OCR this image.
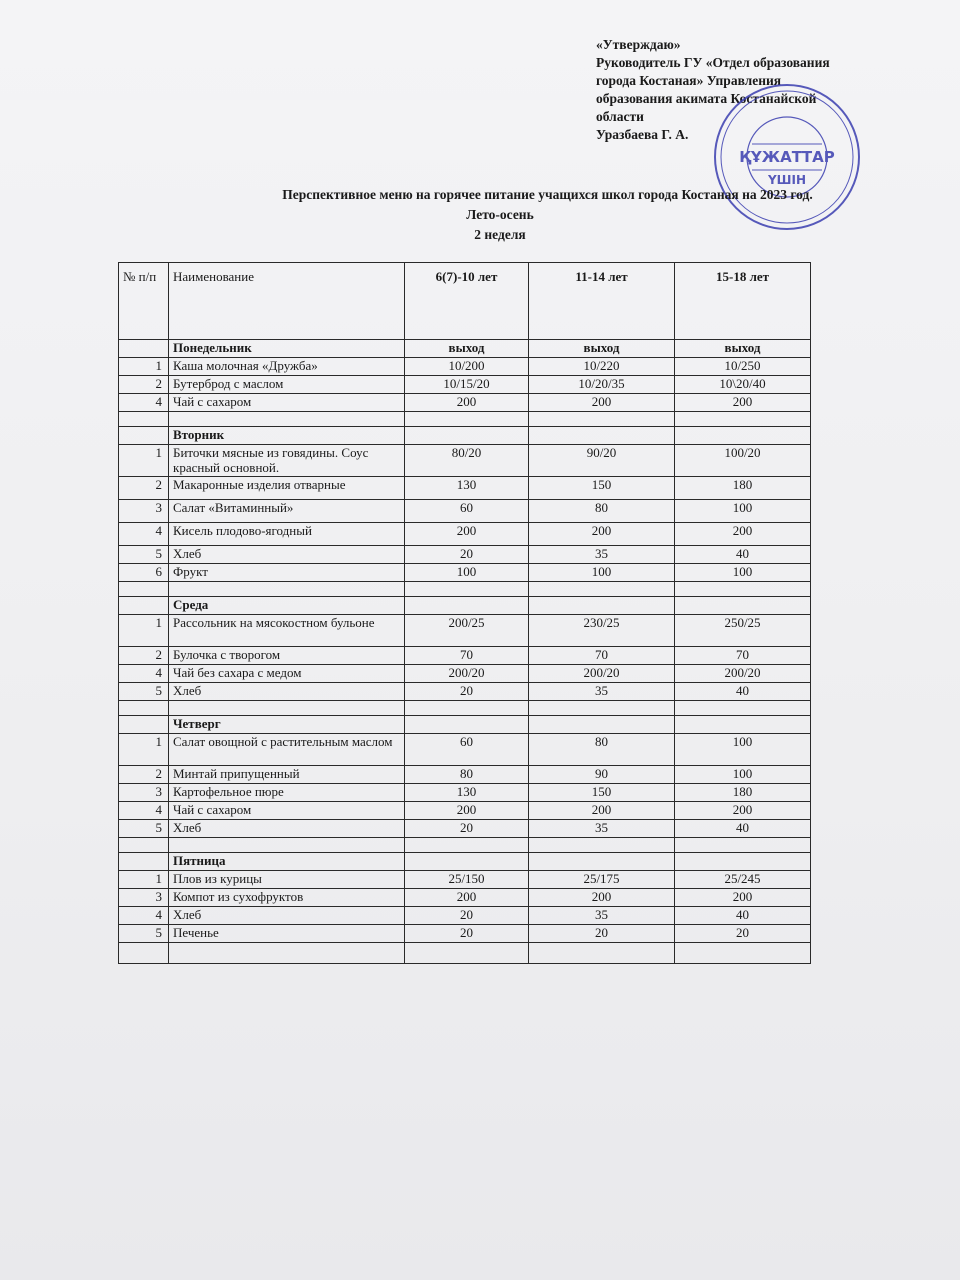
«Утверждаю»
Руководитель ГУ «Отдел образования
города Костаная» Управления
образования акимата Костанайской
области
Уразбаева Г. А.
ҚҰЖАТТАР
ҮШІН
Перспективное меню на горячее питание учащихся школ города Костаная на 2023 год.
Лето-осень
2 неделя
№ п/п	Наименование	6(7)-10 лет	11-14 лет	15-18 лет
	Понедельник	выход	выход	выход
1	Каша молочная «Дружба»	10/200	10/220	10/250
2	Бутерброд с маслом	10/15/20	10/20/35	10\20/40
4	Чай с сахаром	200	200	200

	Вторник			
1	Биточки мясные из говядины. Соус красный основной.	80/20	90/20	100/20
2	Макаронные изделия отварные	130	150	180
3	Салат «Витаминный»	60	80	100
4	Кисель плодово-ягодный	200	200	200
5	Хлеб	20	35	40
6	Фрукт	100	100	100

	Среда			
1	Рассольник на мясокостном бульоне	200/25	230/25	250/25
2	Булочка с творогом	70	70	70
4	Чай без сахара с медом	200/20	200/20	200/20
5	Хлеб	20	35	40

	Четверг			
1	Салат овощной с растительным маслом	60	80	100
2	Минтай припущенный	80	90	100
3	Картофельное пюре	130	150	180
4	Чай с сахаром	200	200	200
5	Хлеб	20	35	40

	Пятница			
1	Плов из курицы	25/150	25/175	25/245
3	Компот из сухофруктов	200	200	200
4	Хлеб	20	35	40
5	Печенье	20	20	20
